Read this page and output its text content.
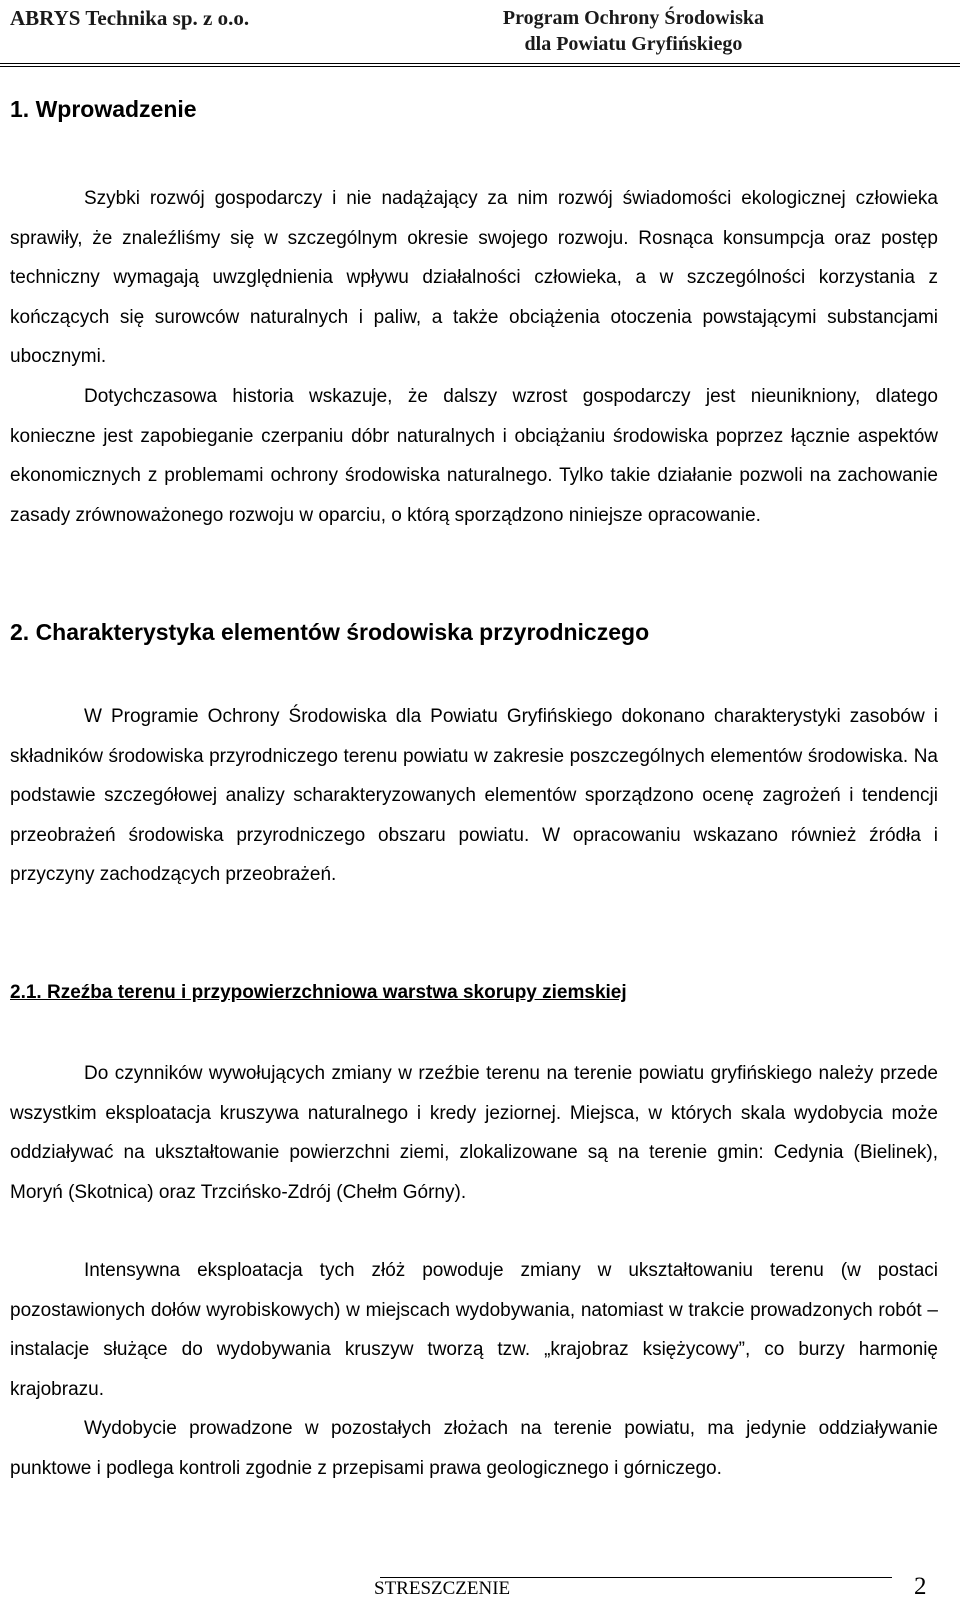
ABRYS Technika sp. z o.o.	Program Ochrony Środowiska
dla Powiatu Gryfińskiego
1. Wprowadzenie

Szybki rozwój gospodarczy i nie nadążający za nim rozwój świadomości ekologicznej człowieka sprawiły, że znaleźliśmy się w szczególnym okresie swojego rozwoju. Rosnąca konsumpcja oraz postęp techniczny wymagają uwzględnienia wpływu działalności człowieka, a w szczególności korzystania z kończących się surowców naturalnych i paliw, a także obciążenia otoczenia powstającymi substancjami ubocznymi.

Dotychczasowa historia wskazuje, że dalszy wzrost gospodarczy jest nieunikniony, dlatego konieczne jest zapobieganie czerpaniu dóbr naturalnych i obciążaniu środowiska poprzez łącznie aspektów ekonomicznych z problemami ochrony środowiska naturalnego. Tylko takie działanie pozwoli na zachowanie zasady zrównoważonego rozwoju w oparciu, o którą sporządzono niniejsze opracowanie.

2. Charakterystyka elementów środowiska przyrodniczego

W Programie Ochrony Środowiska dla Powiatu Gryfińskiego dokonano charakterystyki zasobów i składników środowiska przyrodniczego terenu powiatu w zakresie poszczególnych elementów środowiska. Na podstawie szczegółowej analizy scharakteryzowanych elementów sporządzono ocenę zagrożeń i tendencji przeobrażeń środowiska przyrodniczego obszaru powiatu. W opracowaniu wskazano również źródła i przyczyny zachodzących przeobrażeń.

2.1. Rzeźba terenu i przypowierzchniowa warstwa skorupy ziemskiej

Do czynników wywołujących zmiany w rzeźbie terenu na terenie powiatu gryfińskiego należy przede wszystkim eksploatacja kruszywa naturalnego i kredy jeziornej. Miejsca, w których skala wydobycia może oddziaływać na ukształtowanie powierzchni ziemi, zlokalizowane są na terenie gmin: Cedynia (Bielinek), Moryń (Skotnica) oraz Trzcińsko-Zdrój (Chełm Górny).

Intensywna eksploatacja tych złóż powoduje zmiany w ukształtowaniu terenu (w postaci pozostawionych dołów wyrobiskowych) w miejscach wydobywania, natomiast w trakcie prowadzonych robót – instalacje służące do wydobywania kruszyw tworzą tzw. „krajobraz księżycowy”, co burzy harmonię krajobrazu.

Wydobycie prowadzone w pozostałych złożach na terenie powiatu, ma jedynie oddziaływanie punktowe i podlega kontroli zgodnie z przepisami prawa geologicznego i górniczego.

STRESZCZENIE	2
